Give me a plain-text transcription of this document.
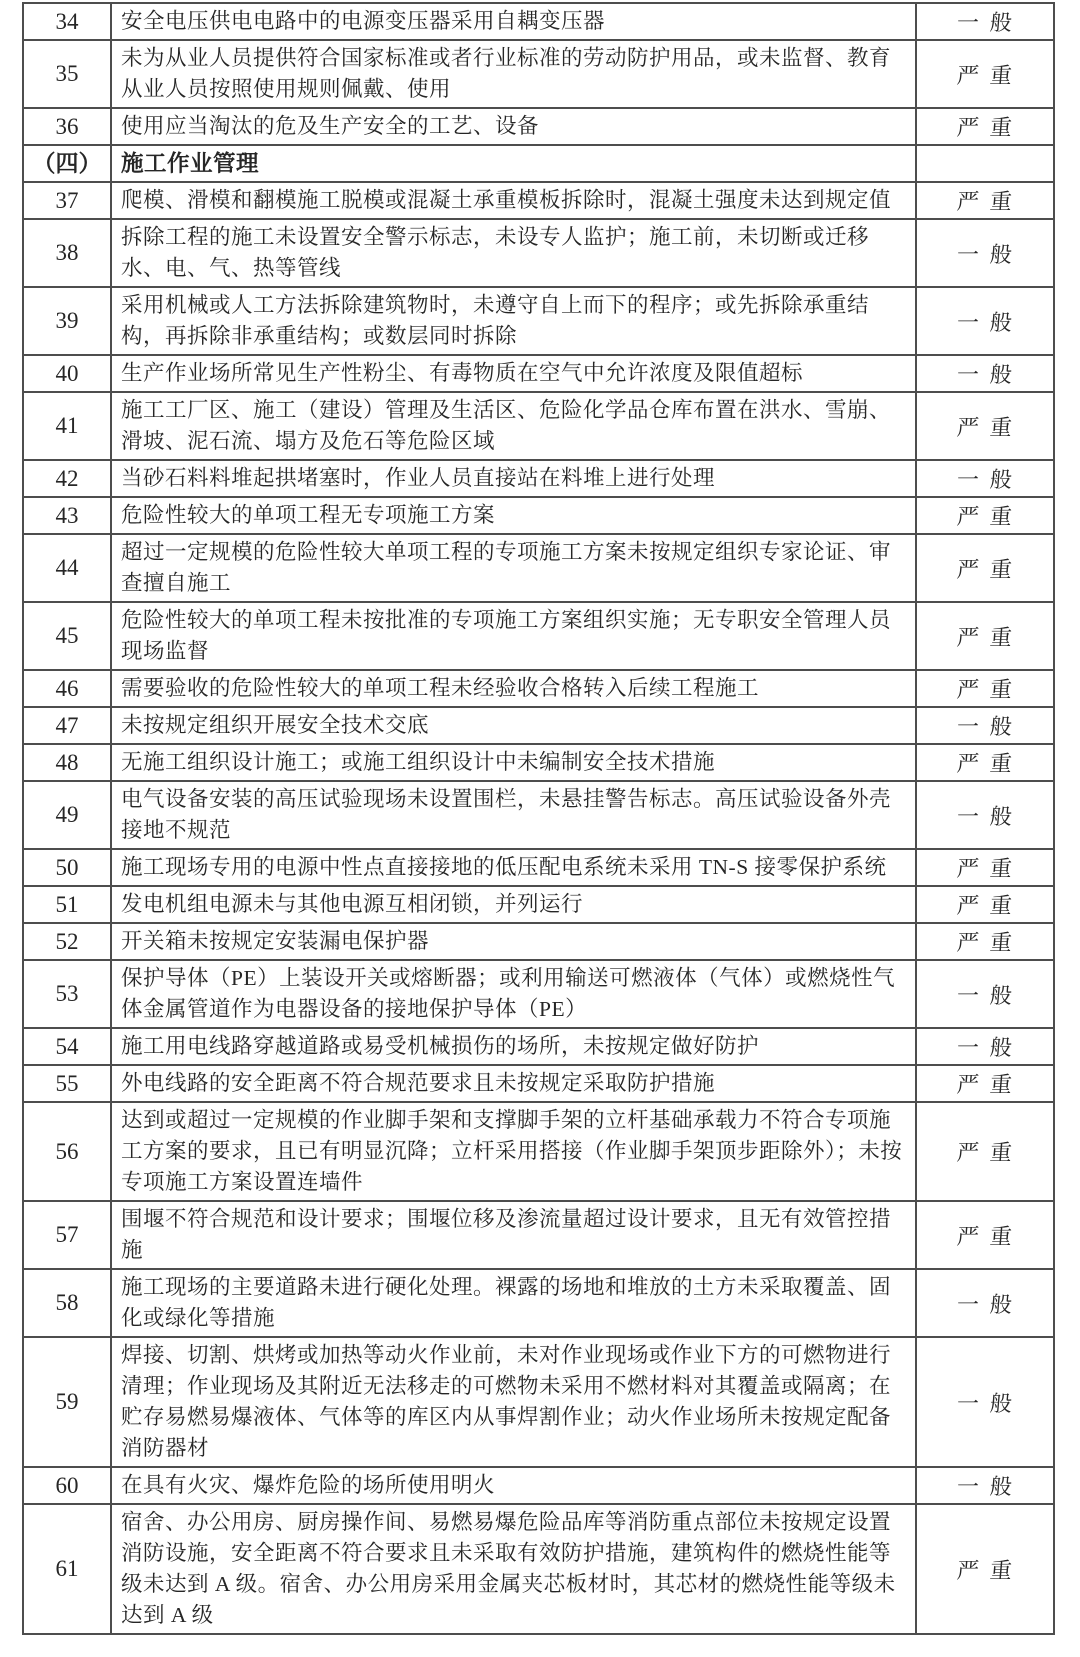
34	安全电压供电电路中的电源变压器采用自耦变压器	一般
35	未为从业人员提供符合国家标准或者行业标准的劳动防护用品，或未监督、教育从业人员按照使用规则佩戴、使用	严重
36	使用应当淘汰的危及生产安全的工艺、设备	严重
（四）	施工作业管理	
37	爬模、滑模和翻模施工脱模或混凝土承重模板拆除时，混凝土强度未达到规定值	严重
38	拆除工程的施工未设置安全警示标志，未设专人监护；施工前，未切断或迁移水、电、气、热等管线	一般
39	采用机械或人工方法拆除建筑物时，未遵守自上而下的程序；或先拆除承重结构，再拆除非承重结构；或数层同时拆除	一般
40	生产作业场所常见生产性粉尘、有毒物质在空气中允许浓度及限值超标	一般
41	施工工厂区、施工（建设）管理及生活区、危险化学品仓库布置在洪水、雪崩、滑坡、泥石流、塌方及危石等危险区域	严重
42	当砂石料料堆起拱堵塞时，作业人员直接站在料堆上进行处理	一般
43	危险性较大的单项工程无专项施工方案	严重
44	超过一定规模的危险性较大单项工程的专项施工方案未按规定组织专家论证、审查擅自施工	严重
45	危险性较大的单项工程未按批准的专项施工方案组织实施；无专职安全管理人员现场监督	严重
46	需要验收的危险性较大的单项工程未经验收合格转入后续工程施工	严重
47	未按规定组织开展安全技术交底	一般
48	无施工组织设计施工；或施工组织设计中未编制安全技术措施	严重
49	电气设备安装的高压试验现场未设置围栏，未悬挂警告标志。高压试验设备外壳接地不规范	一般
50	施工现场专用的电源中性点直接接地的低压配电系统未采用 TN-S 接零保护系统	严重
51	发电机组电源未与其他电源互相闭锁，并列运行	严重
52	开关箱未按规定安装漏电保护器	严重
53	保护导体（PE）上装设开关或熔断器；或利用输送可燃液体（气体）或燃烧性气体金属管道作为电器设备的接地保护导体（PE）	一般
54	施工用电线路穿越道路或易受机械损伤的场所，未按规定做好防护	一般
55	外电线路的安全距离不符合规范要求且未按规定采取防护措施	严重
56	达到或超过一定规模的作业脚手架和支撑脚手架的立杆基础承载力不符合专项施工方案的要求，且已有明显沉降；立杆采用搭接（作业脚手架顶步距除外）；未按专项施工方案设置连墙件	严重
57	围堰不符合规范和设计要求；围堰位移及渗流量超过设计要求，且无有效管控措施	严重
58	施工现场的主要道路未进行硬化处理。裸露的场地和堆放的土方未采取覆盖、固化或绿化等措施	一般
59	焊接、切割、烘烤或加热等动火作业前，未对作业现场或作业下方的可燃物进行清理；作业现场及其附近无法移走的可燃物未采用不燃材料对其覆盖或隔离；在贮存易燃易爆液体、气体等的库区内从事焊割作业；动火作业场所未按规定配备消防器材	一般
60	在具有火灾、爆炸危险的场所使用明火	一般
61	宿舍、办公用房、厨房操作间、易燃易爆危险品库等消防重点部位未按规定设置消防设施，安全距离不符合要求且未采取有效防护措施，建筑构件的燃烧性能等级未达到 A 级。宿舍、办公用房采用金属夹芯板材时，其芯材的燃烧性能等级未达到 A 级	严重
